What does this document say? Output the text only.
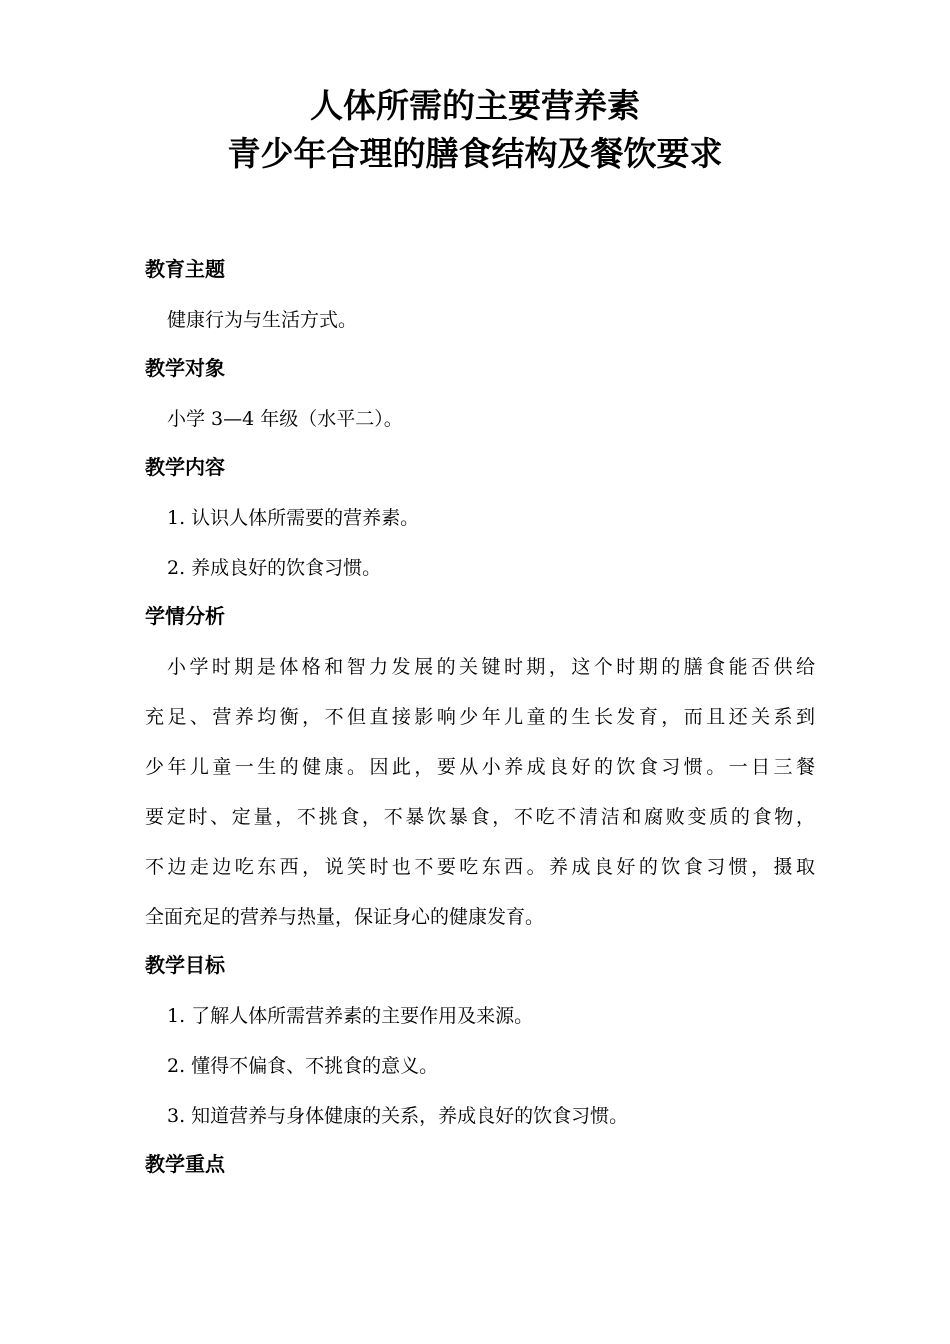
人体所需的主要营养素
青少年合理的膳食结构及餐饮要求
教育主题
健康行为与生活方式。
教学对象
小学 3—4 年级（水平二）。
教学内容
1. 认识人体所需要的营养素。
2. 养成良好的饮食习惯。
学情分析
小学时期是体格和智力发展的关键时期，这个时期的膳食能否供给
充足、营养均衡，不但直接影响少年儿童的生长发育，而且还关系到
少年儿童一生的健康。因此，要从小养成良好的饮食习惯。一日三餐
要定时、定量，不挑食，不暴饮暴食，不吃不清洁和腐败变质的食物，
不边走边吃东西，说笑时也不要吃东西。养成良好的饮食习惯，摄取
全面充足的营养与热量，保证身心的健康发育。
教学目标
1. 了解人体所需营养素的主要作用及来源。
2. 懂得不偏食、不挑食的意义。
3. 知道营养与身体健康的关系，养成良好的饮食习惯。
教学重点
